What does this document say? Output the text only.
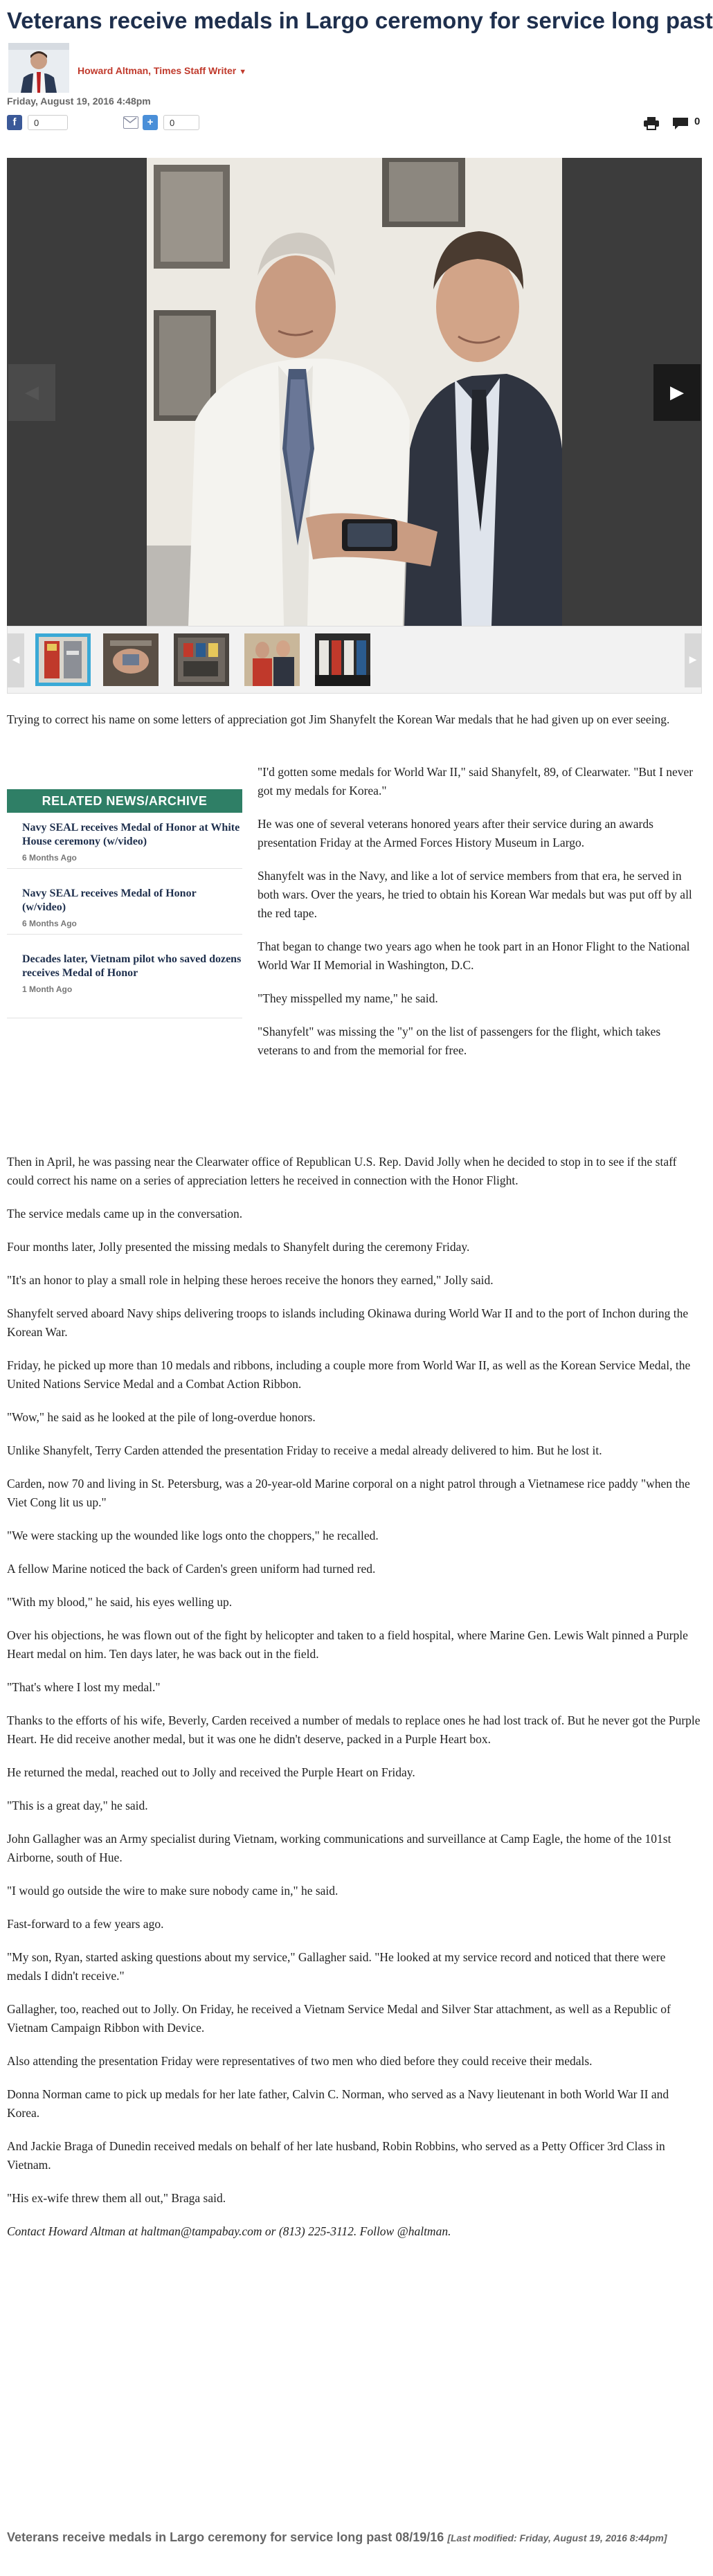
Veterans receive medals in Largo ceremony for service long past
Howard Altman, Times Staff Writer ▼
Friday, August 19, 2016 4:48pm
f	0	+	0	0
◀	▶
◀	▶

Trying to correct his name on some letters of appreciation got Jim Shanyfelt the Korean War medals that he had given up on ever seeing.

RELATED NEWS/ARCHIVE
Navy SEAL receives Medal of Honor at White House ceremony (w/video)
6 Months Ago
Navy SEAL receives Medal of Honor (w/video)
6 Months Ago
Decades later, Vietnam pilot who saved dozens receives Medal of Honor
1 Month Ago

"I'd gotten some medals for World War II," said Shanyfelt, 89, of Clearwater. "But I never got my medals for Korea."

He was one of several veterans honored years after their service during an awards presentation Friday at the Armed Forces History Museum in Largo.

Shanyfelt was in the Navy, and like a lot of service members from that era, he served in both wars. Over the years, he tried to obtain his Korean War medals but was put off by all the red tape.

That began to change two years ago when he took part in an Honor Flight to the National World War II Memorial in Washington, D.C.

"They misspelled my name," he said.

"Shanyfelt" was missing the "y" on the list of passengers for the flight, which takes veterans to and from the memorial for free.

Then in April, he was passing near the Clearwater office of Republican U.S. Rep. David Jolly when he decided to stop in to see if the staff could correct his name on a series of appreciation letters he received in connection with the Honor Flight.

The service medals came up in the conversation.

Four months later, Jolly presented the missing medals to Shanyfelt during the ceremony Friday.

"It's an honor to play a small role in helping these heroes receive the honors they earned," Jolly said.

Shanyfelt served aboard Navy ships delivering troops to islands including Okinawa during World War II and to the port of Inchon during the Korean War.

Friday, he picked up more than 10 medals and ribbons, including a couple more from World War II, as well as the Korean Service Medal, the United Nations Service Medal and a Combat Action Ribbon.

"Wow," he said as he looked at the pile of long-overdue honors.

Unlike Shanyfelt, Terry Carden attended the presentation Friday to receive a medal already delivered to him. But he lost it.

Carden, now 70 and living in St. Petersburg, was a 20-year-old Marine corporal on a night patrol through a Vietnamese rice paddy "when the Viet Cong lit us up."

"We were stacking up the wounded like logs onto the choppers," he recalled.

A fellow Marine noticed the back of Carden's green uniform had turned red.

"With my blood," he said, his eyes welling up.

Over his objections, he was flown out of the fight by helicopter and taken to a field hospital, where Marine Gen. Lewis Walt pinned a Purple Heart medal on him. Ten days later, he was back out in the field.

"That's where I lost my medal."

Thanks to the efforts of his wife, Beverly, Carden received a number of medals to replace ones he had lost track of. But he never got the Purple Heart. He did receive another medal, but it was one he didn't deserve, packed in a Purple Heart box.

He returned the medal, reached out to Jolly and received the Purple Heart on Friday.

"This is a great day," he said.

John Gallagher was an Army specialist during Vietnam, working communications and surveillance at Camp Eagle, the home of the 101st Airborne, south of Hue.

"I would go outside the wire to make sure nobody came in," he said.

Fast-forward to a few years ago.

"My son, Ryan, started asking questions about my service," Gallagher said. "He looked at my service record and noticed that there were medals I didn't receive."

Gallagher, too, reached out to Jolly. On Friday, he received a Vietnam Service Medal and Silver Star attachment, as well as a Republic of Vietnam Campaign Ribbon with Device.

Also attending the presentation Friday were representatives of two men who died before they could receive their medals.

Donna Norman came to pick up medals for her late father, Calvin C. Norman, who served as a Navy lieutenant in both World War II and Korea.

And Jackie Braga of Dunedin received medals on behalf of her late husband, Robin Robbins, who served as a Petty Officer 3rd Class in Vietnam.

"His ex-wife threw them all out," Braga said.

Contact Howard Altman at haltman@tampabay.com or (813) 225-3112. Follow @haltman.

Veterans receive medals in Largo ceremony for service long past 08/19/16 [Last modified: Friday, August 19, 2016 8:44pm]
